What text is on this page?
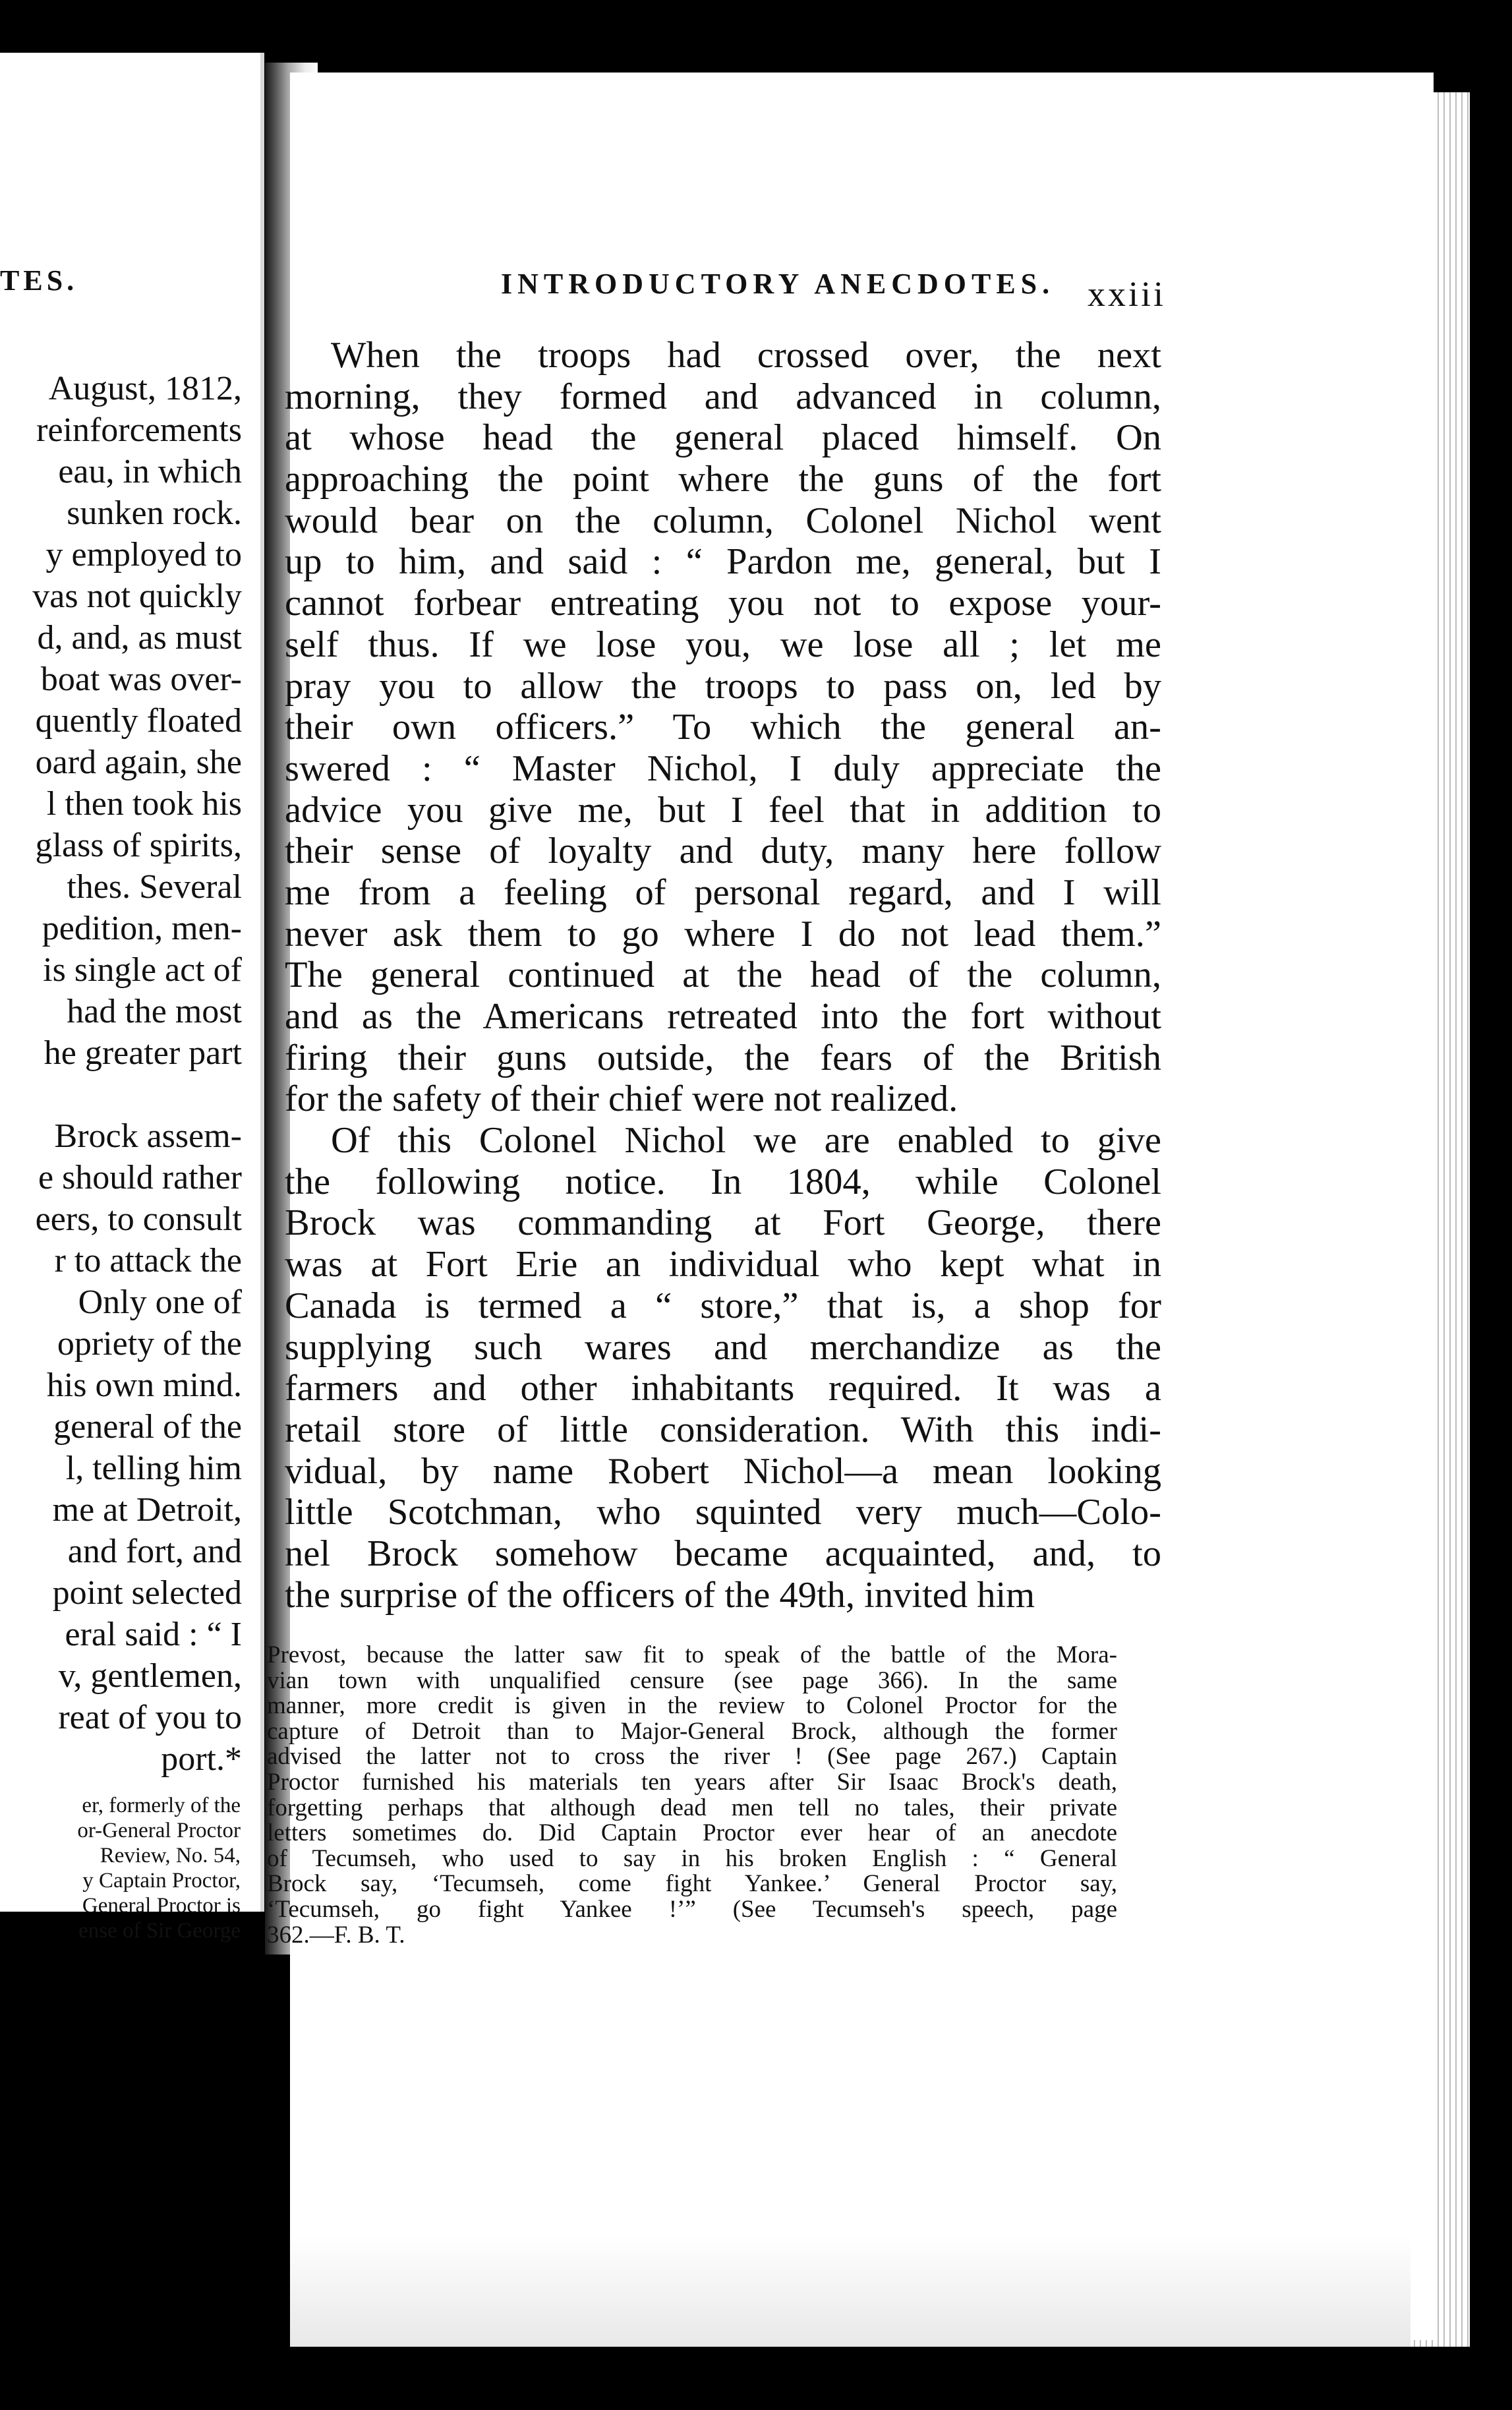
TES.
August, 1812,
reinforcements
eau, in which
sunken rock.
y employed to
vas not quickly
d, and, as must
boat was over-
quently floated
oard again, she
l then took his
glass of spirits,
thes. Several
pedition, men-
is single act of
had the most
he greater part
Brock assem-
e should rather
eers, to consult
r to attack the
Only one of
opriety of the
his own mind.
general of the
l, telling him
me at Detroit,
and fort, and
point selected
eral said : “ I
v, gentlemen,
reat of you to
port.*
er, formerly of the
or-General Proctor
Review, No. 54,
y Captain Proctor,
General Proctor is
ense of Sir George
INTRODUCTORY ANECDOTES. xxiii
When the troops had crossed over, the next
morning, they formed and advanced in column,
at whose head the general placed himself. On
approaching the point where the guns of the fort
would bear on the column, Colonel Nichol went
up to him, and said : “ Pardon me, general, but I
cannot forbear entreating you not to expose your-
self thus. If we lose you, we lose all ; let me
pray you to allow the troops to pass on, led by
their own officers.” To which the general an-
swered : “ Master Nichol, I duly appreciate the
advice you give me, but I feel that in addition to
their sense of loyalty and duty, many here follow
me from a feeling of personal regard, and I will
never ask them to go where I do not lead them.”
The general continued at the head of the column,
and as the Americans retreated into the fort without
firing their guns outside, the fears of the British
for the safety of their chief were not realized.
Of this Colonel Nichol we are enabled to give
the following notice. In 1804, while Colonel
Brock was commanding at Fort George, there
was at Fort Erie an individual who kept what in
Canada is termed a “ store,” that is, a shop for
supplying such wares and merchandize as the
farmers and other inhabitants required. It was a
retail store of little consideration. With this indi-
vidual, by name Robert Nichol—a mean looking
little Scotchman, who squinted very much—Colo-
nel Brock somehow became acquainted, and, to
the surprise of the officers of the 49th, invited him
Prevost, because the latter saw fit to speak of the battle of the Mora-
vian town with unqualified censure (see page 366). In the same
manner, more credit is given in the review to Colonel Proctor for the
capture of Detroit than to Major-General Brock, although the former
advised the latter not to cross the river ! (See page 267.) Captain
Proctor furnished his materials ten years after Sir Isaac Brock's death,
forgetting perhaps that although dead men tell no tales, their private
letters sometimes do. Did Captain Proctor ever hear of an anecdote
of Tecumseh, who used to say in his broken English : “ General
Brock say, ‘Tecumseh, come fight Yankee.’ General Proctor say,
‘Tecumseh, go fight Yankee !’” (See Tecumseh's speech, page
362.—F. B. T.
